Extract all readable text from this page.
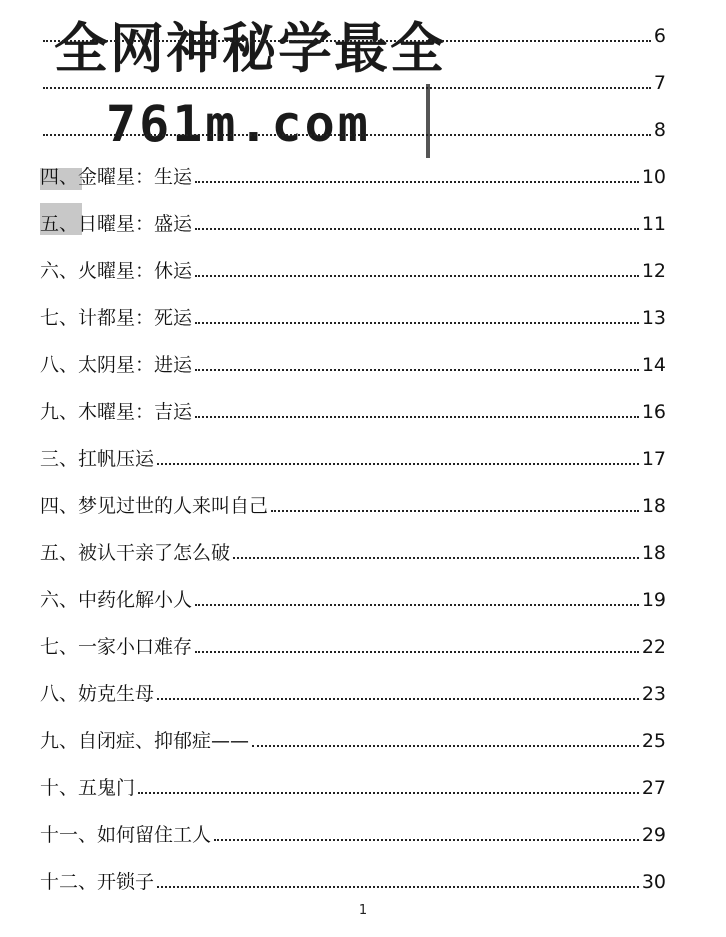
6
7
8
四、金曜星：生运	10
五、日曜星：盛运	11
六、火曜星：休运	12
七、计都星：死运	13
八、太阴星：进运	14
九、木曜星：吉运	16
三、扛帆压运	17
四、梦见过世的人来叫自己	18
五、被认干亲了怎么破	18
六、中药化解小人	19
七、一家小口难存	22
八、妨克生母	23
九、自闭症、抑郁症——	25
十、五鬼门	27
十一、如何留住工人	29
十二、开锁子	30
全网神秘学最全
761m.com
1
